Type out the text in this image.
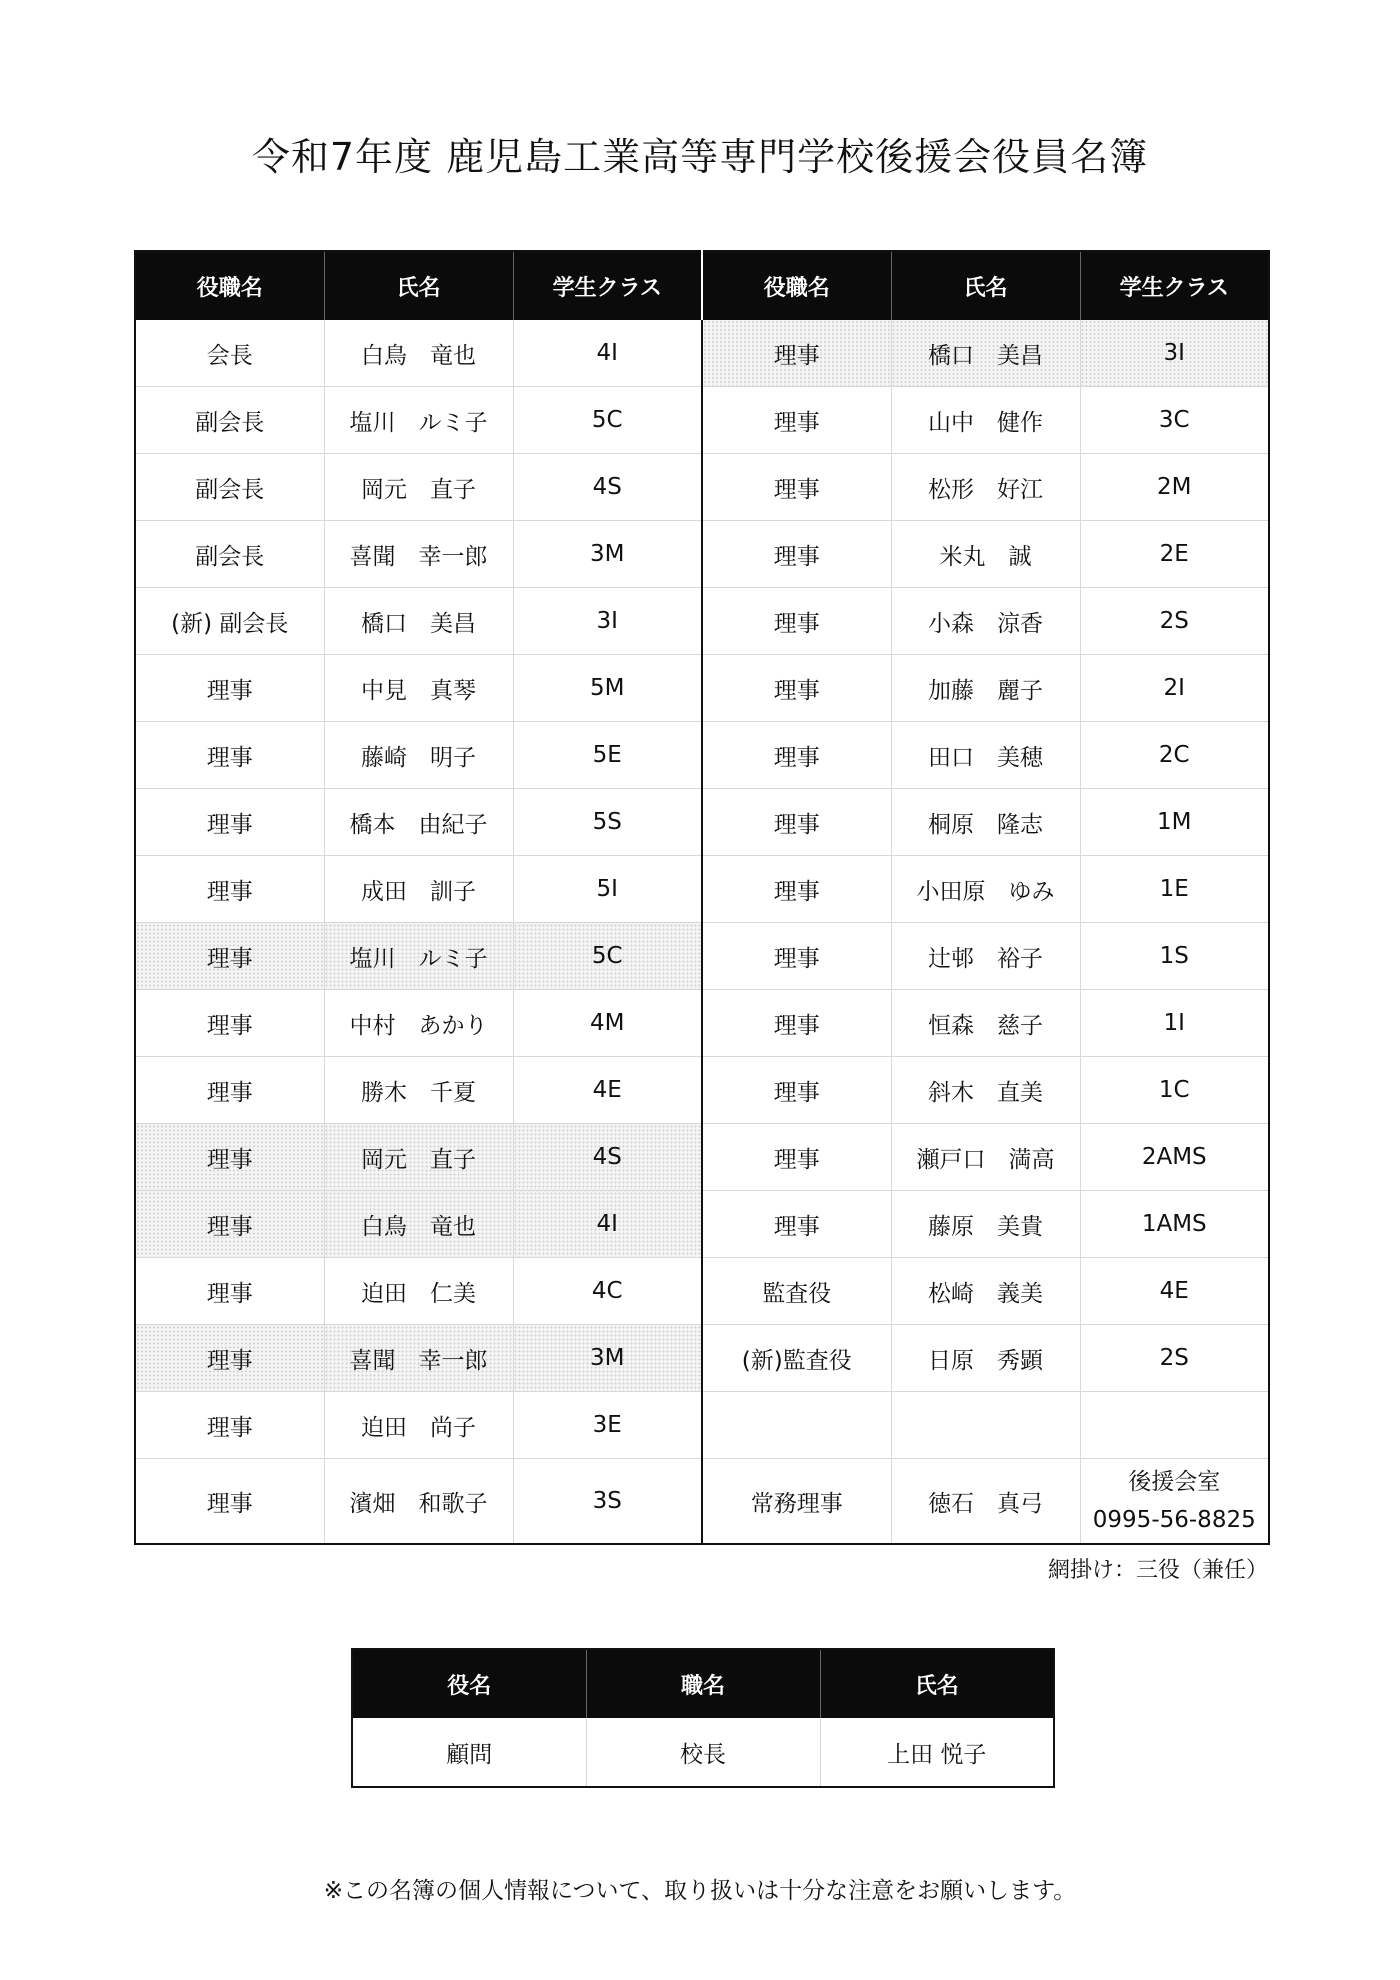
令和7年度 鹿児島工業高等専門学校後援会役員名簿
役職名	氏名	学生クラス	役職名	氏名	学生クラス
会長	白鳥　竜也	4I	理事	橋口　美昌	3I
副会長	塩川　ルミ子	5C	理事	山中　健作	3C
副会長	岡元　直子	4S	理事	松形　好江	2M
副会長	喜聞　幸一郎	3M	理事	米丸　誠	2E
(新) 副会長	橋口　美昌	3I	理事	小森　涼香	2S
理事	中見　真琴	5M	理事	加藤　麗子	2I
理事	藤崎　明子	5E	理事	田口　美穂	2C
理事	橋本　由紀子	5S	理事	桐原　隆志	1M
理事	成田　訓子	5I	理事	小田原　ゆみ	1E
理事	塩川　ルミ子	5C	理事	辻邨　裕子	1S
理事	中村　あかり	4M	理事	恒森　慈子	1I
理事	勝木　千夏	4E	理事	斜木　直美	1C
理事	岡元　直子	4S	理事	瀬戸口　満高	2AMS
理事	白鳥　竜也	4I	理事	藤原　美貴	1AMS
理事	迫田　仁美	4C	監査役	松崎　義美	4E
理事	喜聞　幸一郎	3M	(新)監査役	日原　秀顕	2S
理事	迫田　尚子	3E			
理事	濱畑　和歌子	3S	常務理事	徳石　真弓	後援会室
0995-56-8825
網掛け：三役（兼任）
役名	職名	氏名
顧問	校長	上田 悦子
※この名簿の個人情報について、取り扱いは十分な注意をお願いします。
